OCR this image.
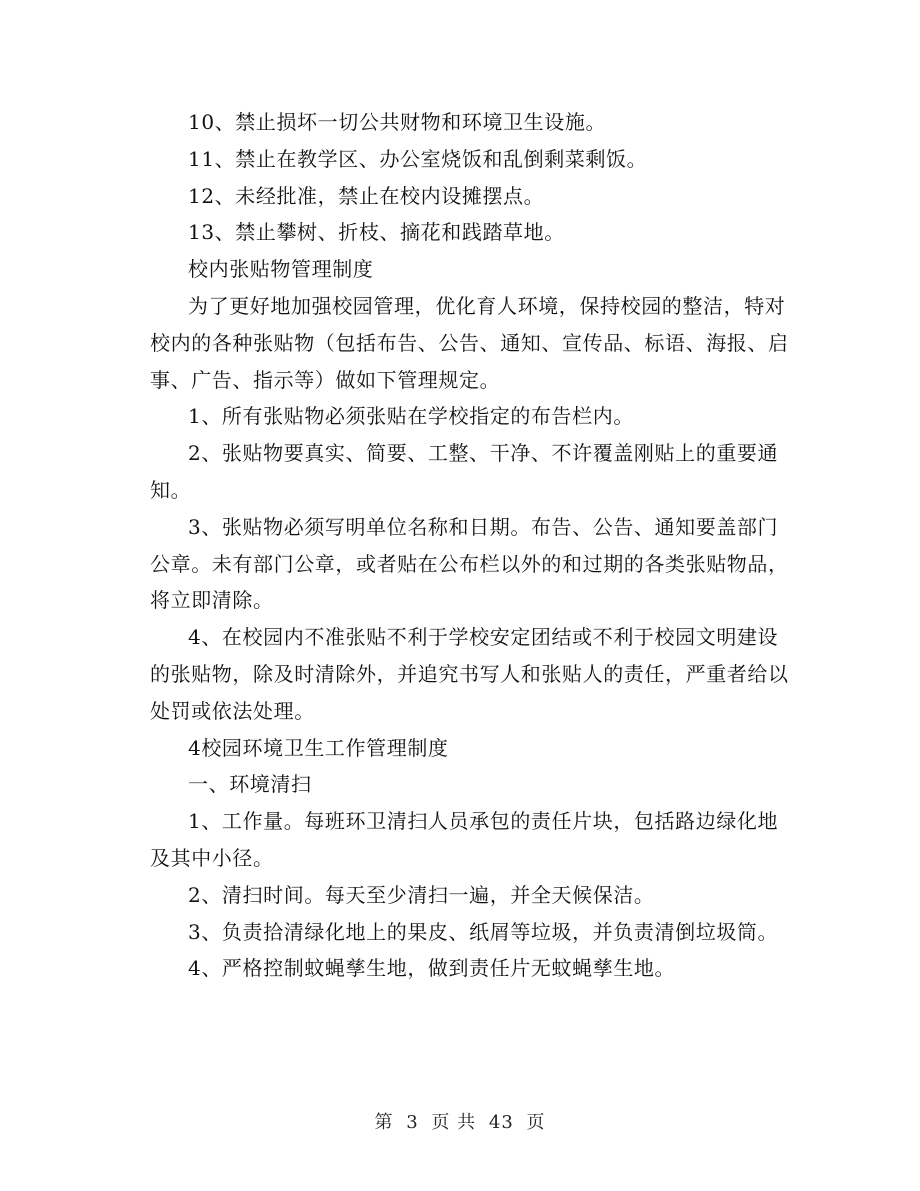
10、禁止损坏一切公共财物和环境卫生设施。

11、禁止在教学区、办公室烧饭和乱倒剩菜剩饭。

12、未经批准，禁止在校内设摊摆点。

13、禁止攀树、折枝、摘花和践踏草地。

校内张贴物管理制度

为了更好地加强校园管理，优化育人环境，保持校园的整洁，特对校内的各种张贴物（包括布告、公告、通知、宣传品、标语、海报、启事、广告、指示等）做如下管理规定。

1、所有张贴物必须张贴在学校指定的布告栏内。

2、张贴物要真实、简要、工整、干净、不许覆盖刚贴上的重要通知。

3、张贴物必须写明单位名称和日期。布告、公告、通知要盖部门公章。未有部门公章，或者贴在公布栏以外的和过期的各类张贴物品，将立即清除。

4、在校园内不准张贴不利于学校安定团结或不利于校园文明建设的张贴物，除及时清除外，并追究书写人和张贴人的责任，严重者给以处罚或依法处理。

4校园环境卫生工作管理制度

一、环境清扫

1、工作量。每班环卫清扫人员承包的责任片块，包括路边绿化地及其中小径。

2、清扫时间。每天至少清扫一遍，并全天候保洁。

3、负责拾清绿化地上的果皮、纸屑等垃圾，并负责清倒垃圾筒。

4、严格控制蚊蝇孳生地，做到责任片无蚊蝇孳生地。

第 3 页 共 43 页
